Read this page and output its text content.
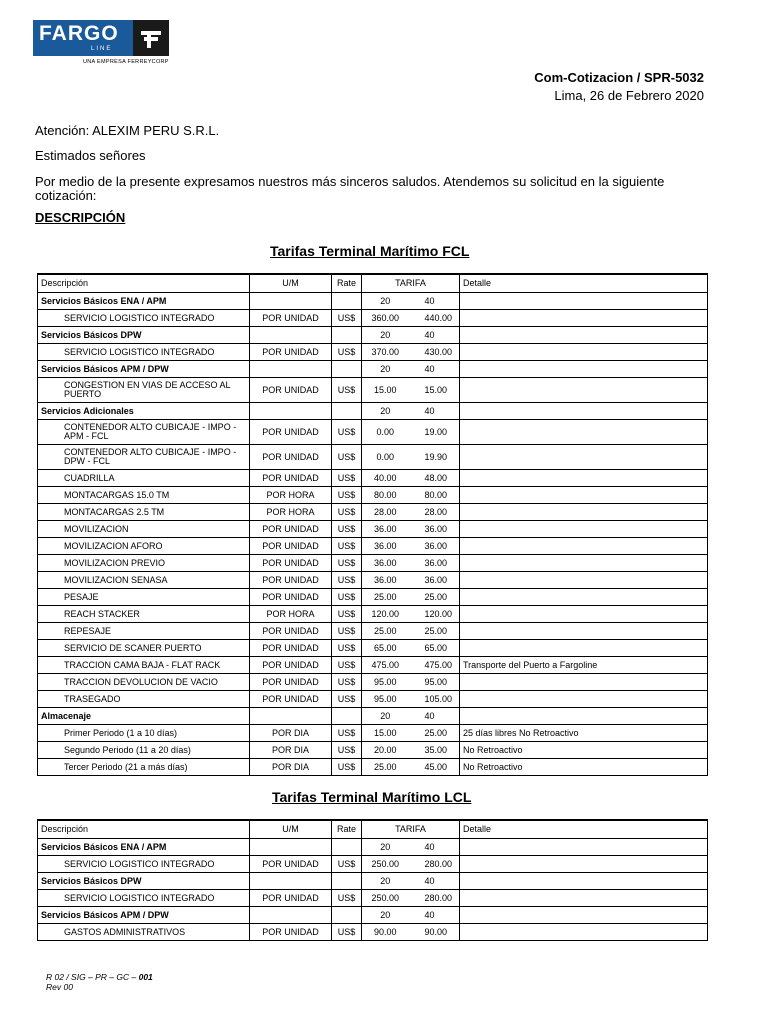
FARGO
LINE
UNA EMPRESA FERREYCORP
Com-Cotizacion / SPR-5032
Lima, 26 de Febrero 2020
Atención: ALEXIM PERU S.R.L.
Estimados señores
Por medio de la presente expresamos nuestros más sinceros saludos. Atendemos su solicitud en la siguiente cotización:
DESCRIPCIÓN
Tarifas Terminal Marítimo FCL
Descripción	U/M	Rate	TARIFA		Detalle
Servicios Básicos ENA / APM			20	40	
SERVICIO LOGISTICO INTEGRADO	POR UNIDAD	US$	360.00	440.00	
Servicios Básicos DPW			20	40	
SERVICIO LOGISTICO INTEGRADO	POR UNIDAD	US$	370.00	430.00	
Servicios Básicos APM / DPW			20	40	
CONGESTION EN VIAS DE ACCESO AL PUERTO	POR UNIDAD	US$	15.00	15.00	
Servicios Adicionales			20	40	
CONTENEDOR ALTO CUBICAJE - IMPO - APM - FCL	POR UNIDAD	US$	0.00	19.00	
CONTENEDOR ALTO CUBICAJE - IMPO - DPW - FCL	POR UNIDAD	US$	0.00	19.90	
CUADRILLA	POR UNIDAD	US$	40.00	48.00	
MONTACARGAS 15.0 TM	POR HORA	US$	80.00	80.00	
MONTACARGAS 2.5 TM	POR HORA	US$	28.00	28.00	
MOVILIZACION	POR UNIDAD	US$	36.00	36.00	
MOVILIZACION AFORO	POR UNIDAD	US$	36.00	36.00	
MOVILIZACION PREVIO	POR UNIDAD	US$	36.00	36.00	
MOVILIZACION SENASA	POR UNIDAD	US$	36.00	36.00	
PESAJE	POR UNIDAD	US$	25.00	25.00	
REACH STACKER	POR HORA	US$	120.00	120.00	
REPESAJE	POR UNIDAD	US$	25.00	25.00	
SERVICIO DE SCANER PUERTO	POR UNIDAD	US$	65.00	65.00	
TRACCION CAMA BAJA - FLAT RACK	POR UNIDAD	US$	475.00	475.00	Transporte del Puerto a Fargoline
TRACCION DEVOLUCION DE VACIO	POR UNIDAD	US$	95.00	95.00	
TRASEGADO	POR UNIDAD	US$	95.00	105.00	
Almacenaje			20	40	
Primer Periodo (1 a 10 días)	POR DIA	US$	15.00	25.00	25 días libres No Retroactivo
Segundo Periodo (11 a 20 días)	POR DIA	US$	20.00	35.00	No Retroactivo
Tercer Periodo (21 a más días)	POR DIA	US$	25.00	45.00	No Retroactivo
Tarifas Terminal Marítimo LCL
Descripción	U/M	Rate	TARIFA		Detalle
Servicios Básicos ENA / APM			20	40	
SERVICIO LOGISTICO INTEGRADO	POR UNIDAD	US$	250.00	280.00	
Servicios Básicos DPW			20	40	
SERVICIO LOGISTICO INTEGRADO	POR UNIDAD	US$	250.00	280.00	
Servicios Básicos APM / DPW			20	40	
GASTOS ADMINISTRATIVOS	POR UNIDAD	US$	90.00	90.00	
R 02 / SIG – PR – GC – 001
Rev 00
